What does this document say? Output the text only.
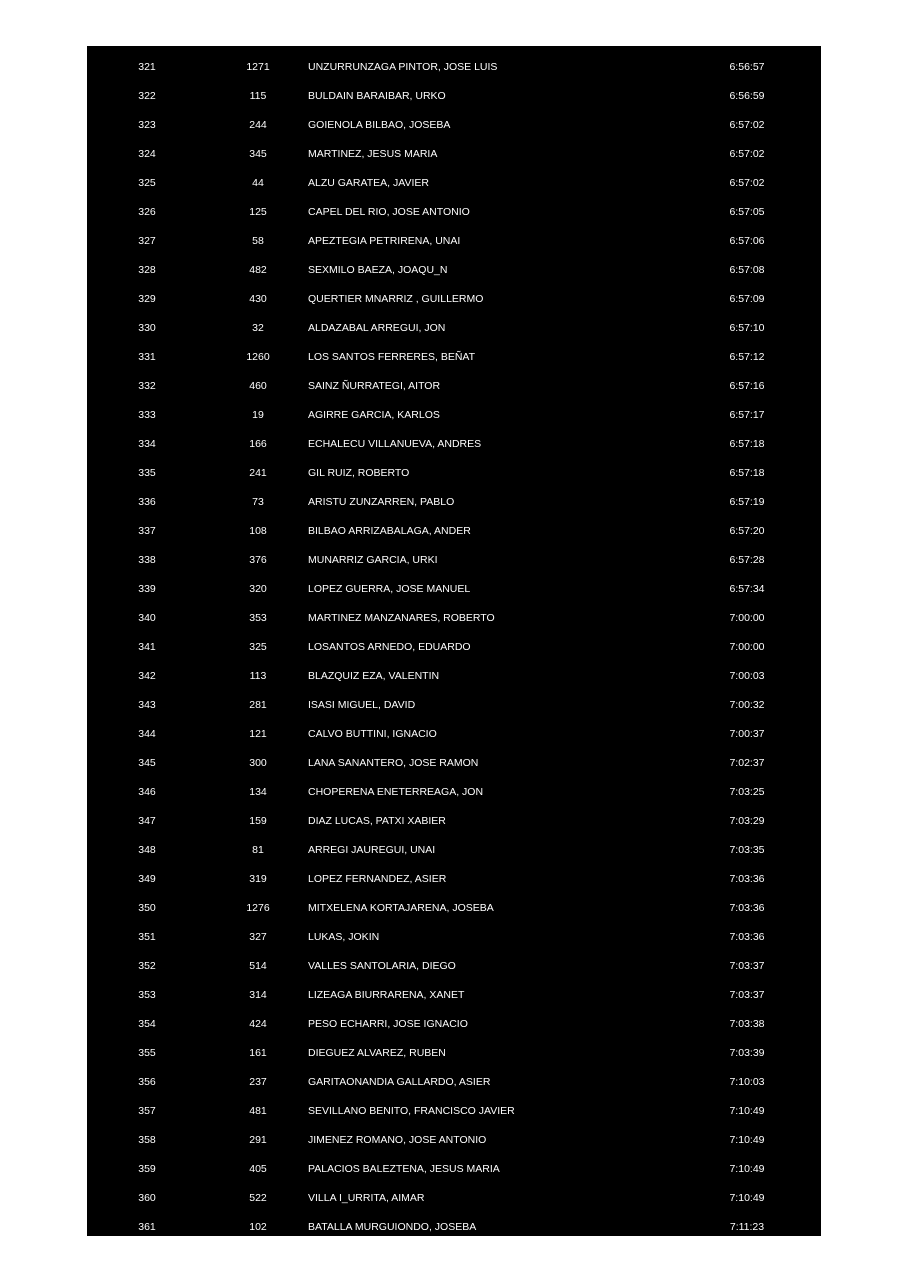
321	1271	UNZURRUNZAGA PINTOR, JOSE LUIS	6:56:57
322	115	BULDAIN BARAIBAR, URKO	6:56:59
323	244	GOIENOLA BILBAO, JOSEBA	6:57:02
324	345	MARTINEZ, JESUS MARIA	6:57:02
325	44	ALZU GARATEA, JAVIER	6:57:02
326	125	CAPEL DEL RIO, JOSE ANTONIO	6:57:05
327	58	APEZTEGIA PETRIRENA, UNAI	6:57:06
328	482	SEXMILO BAEZA, JOAQU_N	6:57:08
329	430	QUERTIER MNARRIZ , GUILLERMO	6:57:09
330	32	ALDAZABAL ARREGUI, JON	6:57:10
331	1260	LOS SANTOS FERRERES, BEÑAT	6:57:12
332	460	SAINZ ÑURRATEGI, AITOR	6:57:16
333	19	AGIRRE GARCIA, KARLOS	6:57:17
334	166	ECHALECU VILLANUEVA, ANDRES	6:57:18
335	241	GIL RUIZ, ROBERTO	6:57:18
336	73	ARISTU ZUNZARREN, PABLO	6:57:19
337	108	BILBAO ARRIZABALAGA, ANDER	6:57:20
338	376	MUNARRIZ GARCIA, URKI	6:57:28
339	320	LOPEZ GUERRA, JOSE MANUEL	6:57:34
340	353	MARTINEZ MANZANARES, ROBERTO	7:00:00
341	325	LOSANTOS ARNEDO, EDUARDO	7:00:00
342	113	BLAZQUIZ EZA, VALENTIN	7:00:03
343	281	ISASI MIGUEL, DAVID	7:00:32
344	121	CALVO BUTTINI, IGNACIO	7:00:37
345	300	LANA SANANTERO, JOSE RAMON	7:02:37
346	134	CHOPERENA ENETERREAGA, JON	7:03:25
347	159	DIAZ LUCAS, PATXI XABIER	7:03:29
348	81	ARREGI JAUREGUI, UNAI	7:03:35
349	319	LOPEZ FERNANDEZ, ASIER	7:03:36
350	1276	MITXELENA KORTAJARENA, JOSEBA	7:03:36
351	327	LUKAS, JOKIN	7:03:36
352	514	VALLES SANTOLARIA, DIEGO	7:03:37
353	314	LIZEAGA BIURRARENA, XANET	7:03:37
354	424	PESO ECHARRI, JOSE IGNACIO	7:03:38
355	161	DIEGUEZ ALVAREZ, RUBEN	7:03:39
356	237	GARITAONANDIA GALLARDO, ASIER	7:10:03
357	481	SEVILLANO BENITO, FRANCISCO JAVIER	7:10:49
358	291	JIMENEZ ROMANO, JOSE ANTONIO	7:10:49
359	405	PALACIOS BALEZTENA, JESUS MARIA	7:10:49
360	522	VILLA I_URRITA, AIMAR	7:10:49
361	102	BATALLA MURGUIONDO, JOSEBA	7:11:23
